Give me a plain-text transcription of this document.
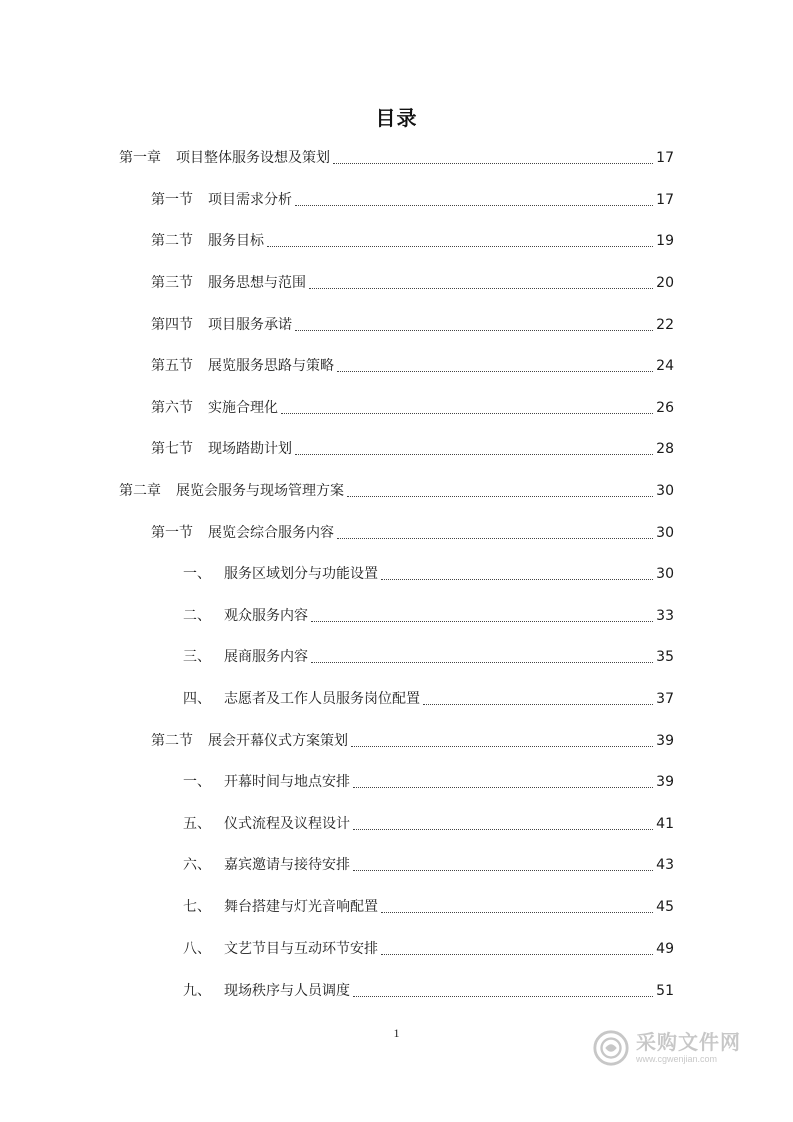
目录
第一章	项目整体服务设想及策划	17
第一节	项目需求分析	17
第二节	服务目标	19
第三节	服务思想与范围	20
第四节	项目服务承诺	22
第五节	展览服务思路与策略	24
第六节	实施合理化	26
第七节	现场踏勘计划	28
第二章	展览会服务与现场管理方案	30
第一节	展览会综合服务内容	30
一、 服务区域划分与功能设置	30
二、 观众服务内容	33
三、 展商服务内容	35
四、 志愿者及工作人员服务岗位配置	37
第二节	展会开幕仪式方案策划	39
一、 开幕时间与地点安排	39
五、 仪式流程及议程设计	41
六、 嘉宾邀请与接待安排	43
七、 舞台搭建与灯光音响配置	45
八、 文艺节目与互动环节安排	49
九、 现场秩序与人员调度	51
1	采购文件网
www.cgwenjian.com
